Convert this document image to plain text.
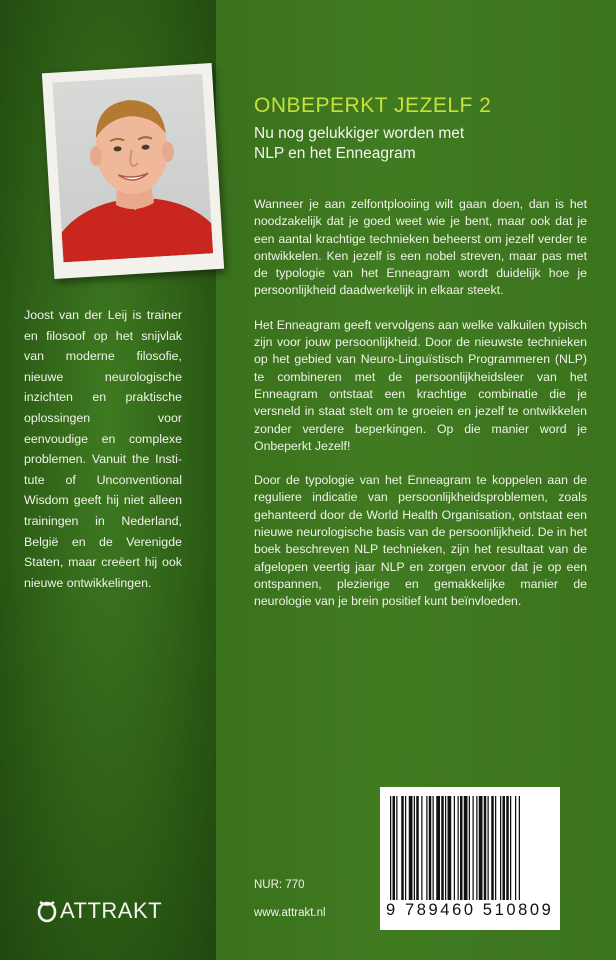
Joost van der Leij is trainer en filosoof op het snijvlak van moderne filosofie, nieuwe neurologische inzichten en praktische oplossingen voor eenvoudige en complexe problemen. Vanuit the Institute of Unconventional Wisdom geeft hij niet alleen trainingen in Nederland, België en de Verenigde Staten, maar creëert hij ook nieuwe ontwikkelingen.
ATTRAKT
ONBEPERKT JEZELF 2
Nu nog gelukkiger worden met
NLP en het Enneagram

Wanneer je aan zelfontplooiing wilt gaan doen, dan is het noodzakelijk dat je goed weet wie je bent, maar ook dat je een aantal krachtige technieken beheerst om jezelf verder te ontwikkelen. Ken jezelf is een nobel streven, maar pas met de typologie van het Enneagram wordt duidelijk hoe je persoonlijkheid daadwerkelijk in elkaar steekt.

Het Enneagram geeft vervolgens aan welke valkuilen typisch zijn voor jouw persoonlijkheid. Door de nieuwste technieken op het gebied van Neuro-Linguïstisch Programmeren (NLP) te combineren met de persoonlijkheidsleer van het Enneagram ontstaat een krachtige combinatie die je versneld in staat stelt om te groeien en jezelf te ontwikkelen zonder verdere beperkingen. Op die manier word je Onbeperkt Jezelf!

Door de typologie van het Enneagram te koppelen aan de reguliere indicatie van persoonlijkheidsproblemen, zoals gehanteerd door de World Health Organisation, ontstaat een nieuwe neurologische basis van de persoonlijkheid. De in het boek beschreven NLP technieken, zijn het resultaat van de afgelopen veertig jaar NLP en zorgen ervoor dat je op een ontspannen, plezierige en gemakkelijke manier de neurologie van je brein positief kunt beïnvloeden.

NUR: 770
www.attrakt.nl	9 789460 510809
